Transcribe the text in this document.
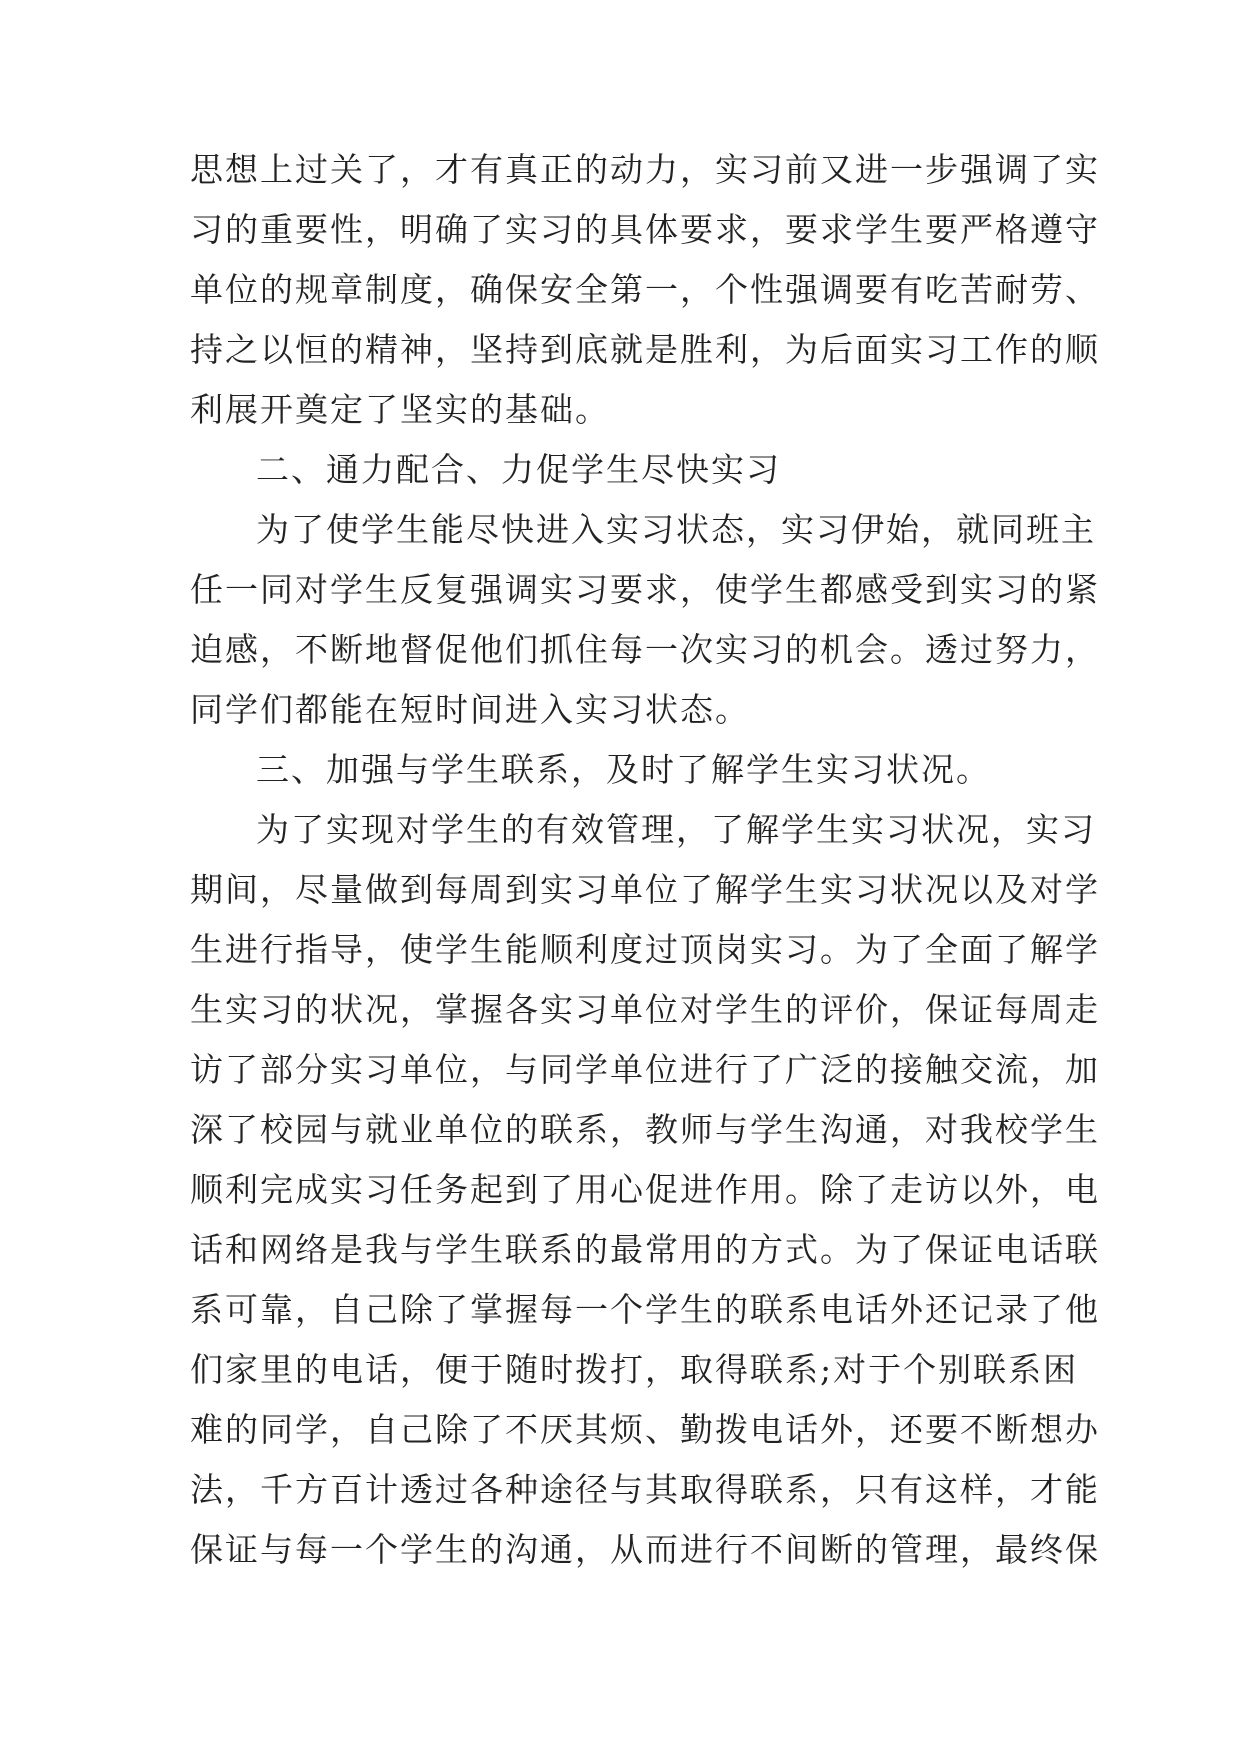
思想上过关了，才有真正的动力，实习前又进一步强调了实
习的重要性，明确了实习的具体要求，要求学生要严格遵守
单位的规章制度，确保安全第一，个性强调要有吃苦耐劳、
持之以恒的精神，坚持到底就是胜利，为后面实习工作的顺
利展开奠定了坚实的基础。
二、通力配合、力促学生尽快实习
为了使学生能尽快进入实习状态，实习伊始，就同班主
任一同对学生反复强调实习要求，使学生都感受到实习的紧
迫感，不断地督促他们抓住每一次实习的机会。透过努力，
同学们都能在短时间进入实习状态。
三、加强与学生联系，及时了解学生实习状况。
为了实现对学生的有效管理，了解学生实习状况，实习
期间，尽量做到每周到实习单位了解学生实习状况以及对学
生进行指导，使学生能顺利度过顶岗实习。为了全面了解学
生实习的状况，掌握各实习单位对学生的评价，保证每周走
访了部分实习单位，与同学单位进行了广泛的接触交流，加
深了校园与就业单位的联系，教师与学生沟通，对我校学生
顺利完成实习任务起到了用心促进作用。除了走访以外，电
话和网络是我与学生联系的最常用的方式。为了保证电话联
系可靠，自己除了掌握每一个学生的联系电话外还记录了他
们家里的电话，便于随时拨打，取得联系;对于个别联系困
难的同学，自己除了不厌其烦、勤拨电话外，还要不断想办
法，千方百计透过各种途径与其取得联系，只有这样，才能
保证与每一个学生的沟通，从而进行不间断的管理，最终保
